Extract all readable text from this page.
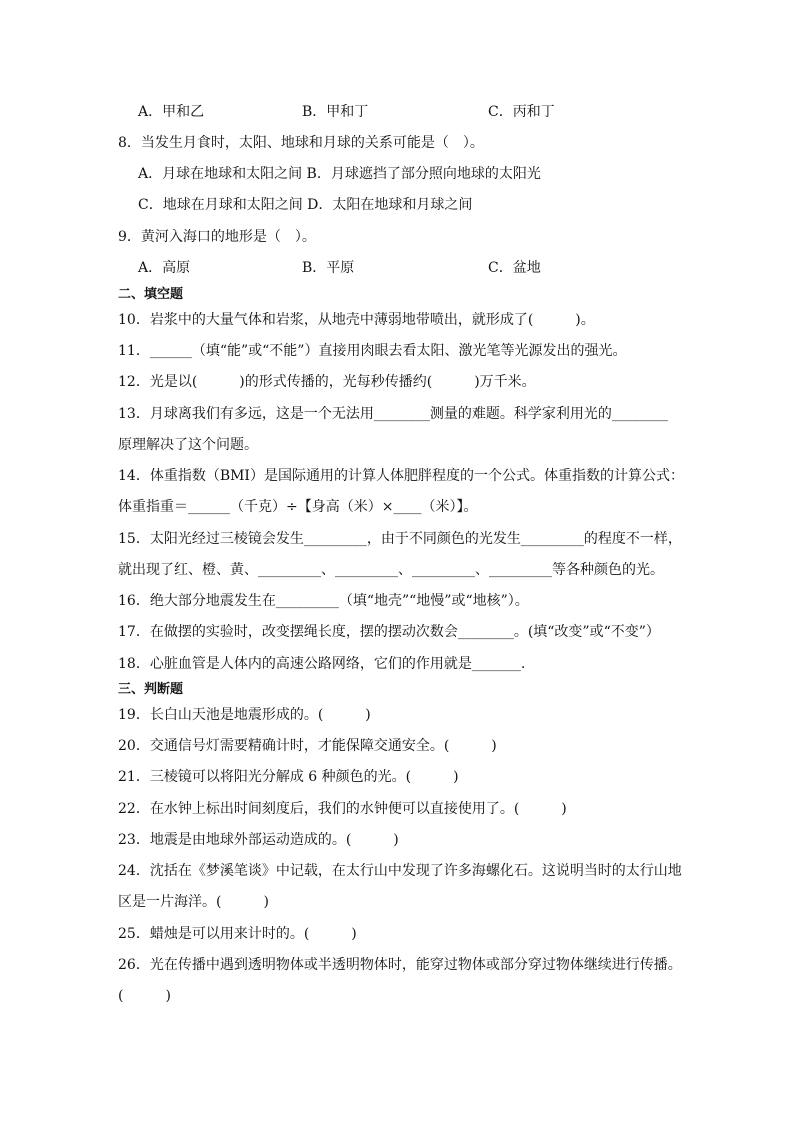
A．甲和乙	B．甲和丁	C．丙和丁
8．当发生月食时，太阳、地球和月球的关系可能是（　）。
A．月球在地球和太阳之间 B．月球遮挡了部分照向地球的太阳光
C．地球在月球和太阳之间 D．太阳在地球和月球之间
9．黄河入海口的地形是（　）。
A．高原	B．平原	C．盆地
二、填空题
10．岩浆中的大量气体和岩浆，从地壳中薄弱地带喷出，就形成了(　　　)。
11．______（填“能”或“不能”）直接用肉眼去看太阳、激光笔等光源发出的强光。
12．光是以(　　　)的形式传播的，光每秒传播约(　　　)万千米。
13．月球离我们有多远，这是一个无法用________测量的难题。科学家利用光的________
原理解决了这个问题。
14．体重指数（BMI）是国际通用的计算人体肥胖程度的一个公式。体重指数的计算公式：
体重指重＝______（千克）÷【身高（米）×____（米）】。
15．太阳光经过三棱镜会发生_________，由于不同颜色的光发生_________的程度不一样，
就出现了红、橙、黄、_________、_________、_________、_________等各种颜色的光。
16．绝大部分地震发生在_________（填“地壳”“地慢”或“地核”）。
17．在做摆的实验时，改变摆绳长度，摆的摆动次数会________。(填“改变”或“不变”）
18．心脏血管是人体内的高速公路网络，它们的作用就是_______.
三、判断题
19．长白山天池是地震形成的。(　　　)
20．交通信号灯需要精确计时，才能保障交通安全。(　　　)
21．三棱镜可以将阳光分解成 6 种颜色的光。(　　　)
22．在水钟上标出时间刻度后，我们的水钟便可以直接使用了。(　　　)
23．地震是由地球外部运动造成的。(　　　)
24．沈括在《梦溪笔谈》中记载，在太行山中发现了许多海螺化石。这说明当时的太行山地
区是一片海洋。(　　　)
25．蜡烛是可以用来计时的。(　　　)
26．光在传播中遇到透明物体或半透明物体时，能穿过物体或部分穿过物体继续进行传播。
(　　　)
